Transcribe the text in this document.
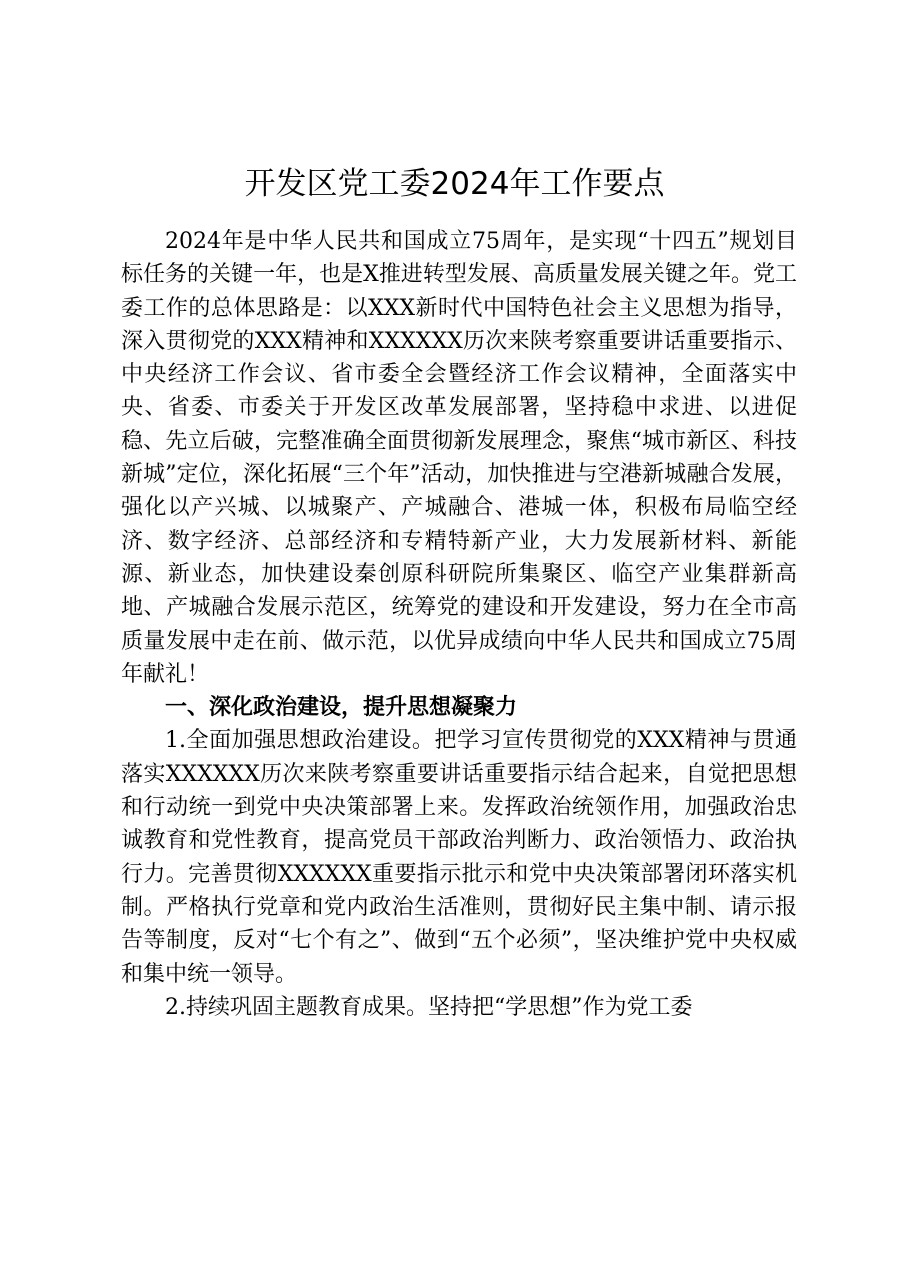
开发区党工委2024年工作要点

2024年是中华人民共和国成立75周年，是实现“十四五”规划目标任务的关键一年，也是X推进转型发展、高质量发展关键之年。党工委工作的总体思路是：以XXX新时代中国特色社会主义思想为指导，深入贯彻党的XXX精神和XXXXXX历次来陕考察重要讲话重要指示、中央经济工作会议、省市委全会暨经济工作会议精神，全面落实中央、省委、市委关于开发区改革发展部署，坚持稳中求进、以进促稳、先立后破，完整准确全面贯彻新发展理念，聚焦“城市新区、科技新城”定位，深化拓展“三个年”活动，加快推进与空港新城融合发展，强化以产兴城、以城聚产、产城融合、港城一体，积极布局临空经济、数字经济、总部经济和专精特新产业，大力发展新材料、新能源、新业态，加快建设秦创原科研院所集聚区、临空产业集群新高地、产城融合发展示范区，统筹党的建设和开发建设，努力在全市高质量发展中走在前、做示范，以优异成绩向中华人民共和国成立75周年献礼！

一、深化政治建设，提升思想凝聚力

1.全面加强思想政治建设。把学习宣传贯彻党的XXX精神与贯通落实XXXXXX历次来陕考察重要讲话重要指示结合起来，自觉把思想和行动统一到党中央决策部署上来。发挥政治统领作用，加强政治忠诚教育和党性教育，提高党员干部政治判断力、政治领悟力、政治执行力。完善贯彻XXXXXX重要指示批示和党中央决策部署闭环落实机制。严格执行党章和党内政治生活准则，贯彻好民主集中制、请示报告等制度，反对“七个有之”、做到“五个必须”，坚决维护党中央权威和集中统一领导。

2.持续巩固主题教育成果。坚持把“学思想”作为党工委
